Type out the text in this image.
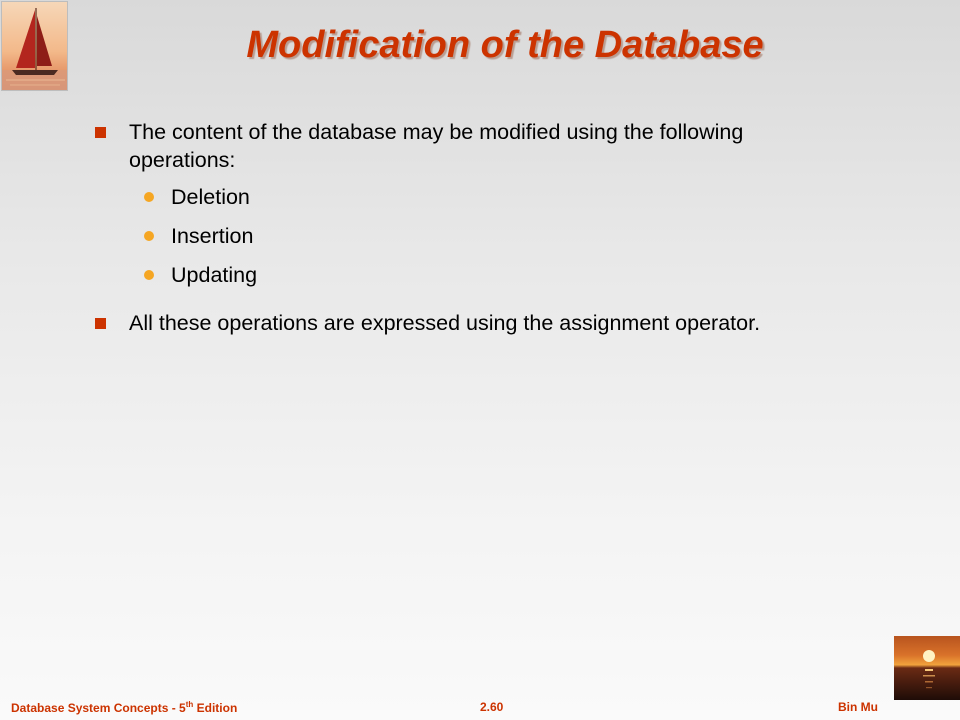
Modification of the Database
The content of the database may be modified using the following operations:
Deletion
Insertion
Updating
All these operations are expressed using the assignment operator.
Database System Concepts - 5th Edition	2.60	Bin Mu
